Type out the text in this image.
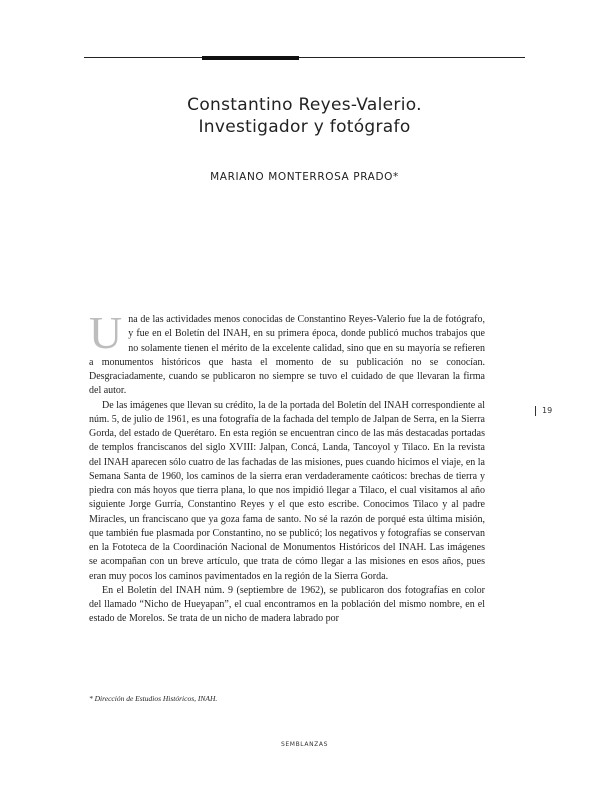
Constantino Reyes-Valerio.
Investigador y fotógrafo

MARIANO MONTERROSA PRADO*

Una de las actividades menos conocidas de Constantino Reyes-Valerio fue la de fotógrafo, y fue en el Boletín del INAH, en su primera época, donde publicó muchos trabajos que no solamente tienen el mérito de la excelente calidad, sino que en su mayoría se refieren a monumentos históricos que hasta el momento de su publicación no se conocían. Desgraciadamente, cuando se publicaron no siempre se tuvo el cuidado de que llevaran la firma del autor.

De las imágenes que llevan su crédito, la de la portada del Boletín del INAH correspondiente al núm. 5, de julio de 1961, es una fotografía de la fachada del templo de Jalpan de Serra, en la Sierra Gorda, del estado de Querétaro. En esta región se encuentran cinco de las más destacadas portadas de templos franciscanos del siglo XVIII: Jalpan, Concá, Landa, Tancoyol y Tilaco. En la revista del INAH aparecen sólo cuatro de las fachadas de las misiones, pues cuando hicimos el viaje, en la Semana Santa de 1960, los caminos de la sierra eran verdaderamente caóticos: brechas de tierra y piedra con más hoyos que tierra plana, lo que nos impidió llegar a Tilaco, el cual visitamos al año siguiente Jorge Gurría, Constantino Reyes y el que esto escribe. Conocimos Tilaco y al padre Miracles, un franciscano que ya goza fama de santo. No sé la razón de porqué esta última misión, que también fue plasmada por Constantino, no se publicó; los negativos y fotografías se conservan en la Fototeca de la Coordinación Nacional de Monumentos Históricos del INAH. Las imágenes se acompañan con un breve artículo, que trata de cómo llegar a las misiones en esos años, pues eran muy pocos los caminos pavimentados en la región de la Sierra Gorda.

En el Boletín del INAH núm. 9 (septiembre de 1962), se publicaron dos fotografías en color del llamado “Nicho de Hueyapan”, el cual encontramos en la población del mismo nombre, en el estado de Morelos. Se trata de un nicho de madera labrado por

19
* Dirección de Estudios Históricos, INAH.
SEMBLANZAS
